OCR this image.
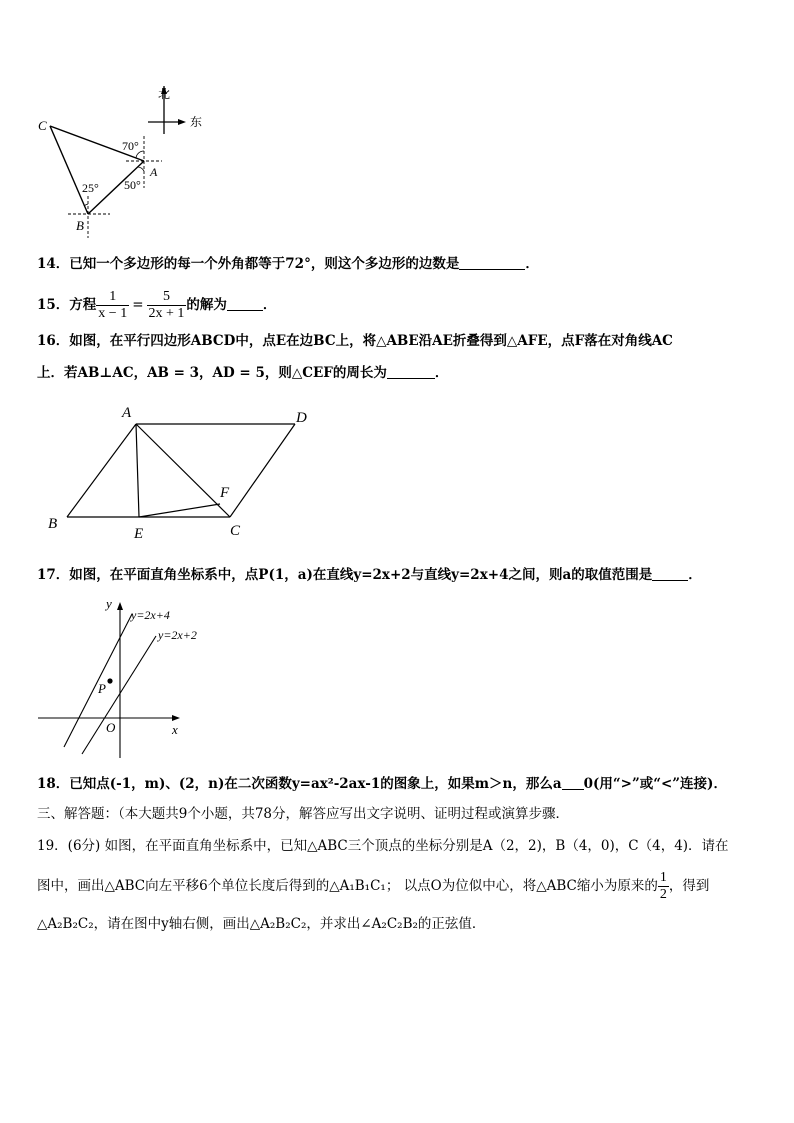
北
东
C
A
B
70°
25° 50°
14．已知一个多边形的每一个外角都等于72°，则这个多边形的边数是	．
15．方程 $\frac{1}{x - 1} = \frac{5}{2x + 1}$ 的解为	．
16．如图，在平行四边形ABCD中，点E在边BC上，将△ABE沿AE折叠得到△AFE，点F落在对角线AC
上．若AB⊥AC，AB = 3，AD = 5，则△CEF的周长为	．
A	D
B
E	C
F
17．如图，在平面直角坐标系中，点P(1，a)在直线y=2x+2与直线y=2x+4之间，则a的取值范围是	．
y
x
O
P
y=2x+4
y=2x+2
18．已知点(-1，m)、(2，n)在二次函数y=ax²-2ax-1的图象上，如果m＞n，那么a 0(用“>”或“<”连接)．
三、解答题：（本大题共9个小题，共78分，解答应写出文字说明、证明过程或演算步骤．
19．(6分) 如图，在平面直角坐标系中，已知△ABC三个顶点的坐标分别是A（2，2)，B（4，0)，C（4，4)．请在
图中，画出△ABC向左平移6个单位长度后得到的△A₁B₁C₁； 以点O为位似中心，将△ABC缩小为原来的 $\frac{1}{2}$ ，得到
△A₂B₂C₂，请在图中y轴右侧，画出△A₂B₂C₂，并求出∠A₂C₂B₂的正弦值．
